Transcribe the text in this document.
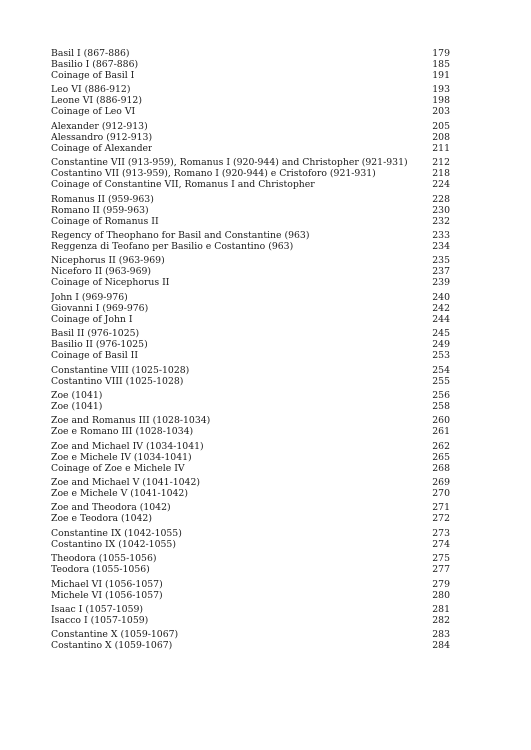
Basil I (867-886)	179
Basilio I (867-886)	185
Coinage of Basil I	191
Leo VI (886-912)	193
Leone VI (886-912)	198
Coinage of Leo VI	203
Alexander (912-913)	205
Alessandro (912-913)	208
Coinage of Alexander	211
Constantine VII (913-959), Romanus I (920-944) and Christopher (921-931)	212
Costantino VII (913-959), Romano I (920-944) e Cristoforo (921-931)	218
Coinage of Constantine VII, Romanus I and Christopher	224
Romanus II (959-963)	228
Romano II (959-963)	230
Coinage of Romanus II	232
Regency of Theophano for Basil and Constantine (963)	233
Reggenza di Teofano per Basilio e Costantino (963)	234
Nicephorus II (963-969)	235
Niceforo II (963-969)	237
Coinage of Nicephorus II	239
John I (969-976)	240
Giovanni I (969-976)	242
Coinage of John I	244
Basil II (976-1025)	245
Basilio II (976-1025)	249
Coinage of Basil II	253
Constantine VIII (1025-1028)	254
Costantino VIII (1025-1028)	255
Zoe (1041)	256
Zoe (1041)	258
Zoe and Romanus III (1028-1034)	260
Zoe e Romano III (1028-1034)	261
Zoe and Michael IV (1034-1041)	262
Zoe e Michele IV (1034-1041)	265
Coinage of Zoe e Michele IV	268
Zoe and Michael V (1041-1042)	269
Zoe e Michele V (1041-1042)	270
Zoe and Theodora (1042)	271
Zoe e Teodora (1042)	272
Constantine IX (1042-1055)	273
Costantino IX (1042-1055)	274
Theodora (1055-1056)	275
Teodora (1055-1056)	277
Michael VI (1056-1057)	279
Michele VI (1056-1057)	280
Isaac I (1057-1059)	281
Isacco I (1057-1059)	282
Constantine X (1059-1067)	283
Costantino X (1059-1067)	284
